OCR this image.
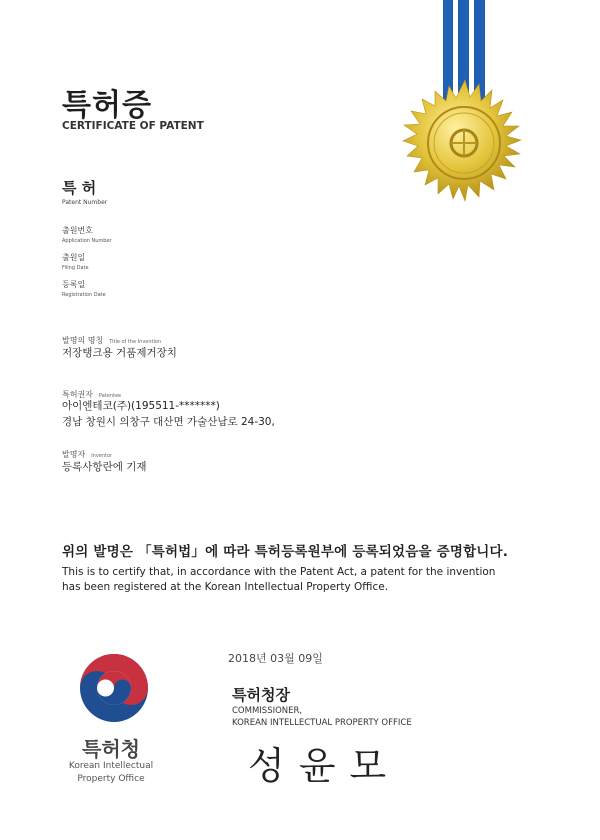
특허증
CERTIFICATE OF PATENT
특 허
Patent Number
출원번호
Application Number
출원일
Filing Date
등록일
Registration Date
발명의 명칭 Title of the Invention
저장탱크용 거품제거장치
특허권자 Patentee
아이엔테코(주)(195511-*******)
경남 창원시 의창구 대산면 가술산남로 24-30,
발명자 Inventor
등록사항란에 기재
위의 발명은 「특허법」에 따라 특허등록원부에 등록되었음을 증명합니다.
This is to certify that, in accordance with the Patent Act, a patent for the invention
has been registered at the Korean Intellectual Property Office.
2018년 03월 09일
특허청장
COMMISSIONER,
KOREAN INTELLECTUAL PROPERTY OFFICE
성윤모
특허청
Korean Intellectual
Property Office
